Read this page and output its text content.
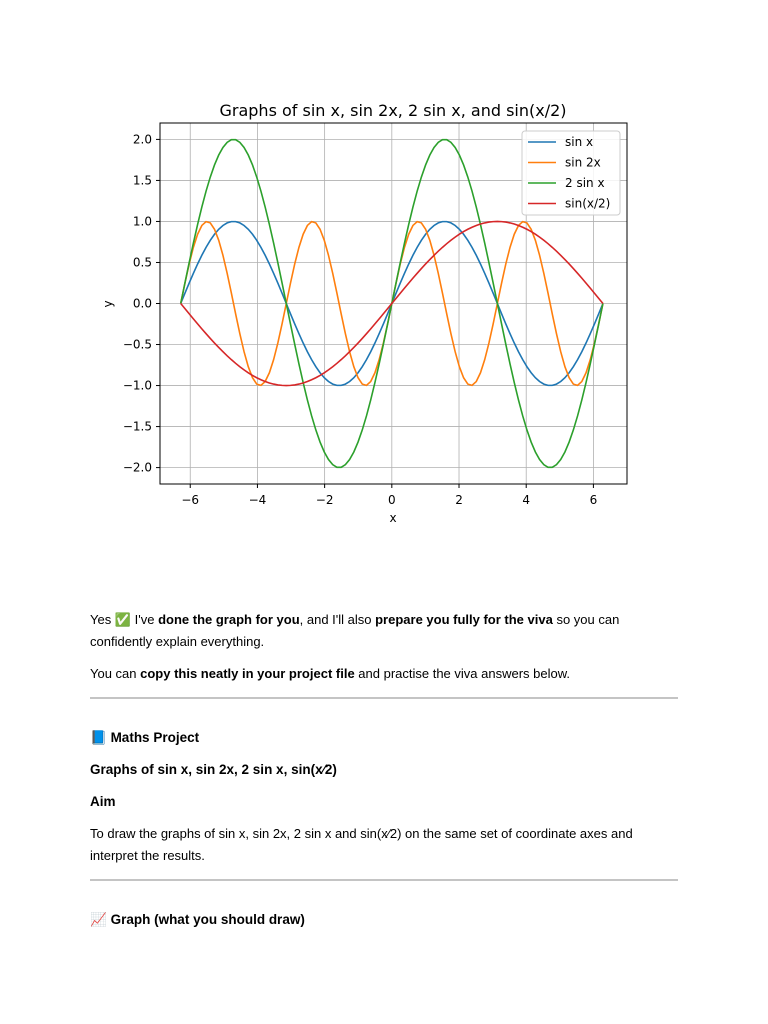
Graphs of sin x, sin 2x, 2 sin x, and sin(x/2)
−6	−4	−2	0	2	4	6
2.0
1.5
1.0
0.5
0.0
−0.5
−1.0
−1.5
−2.0
x
y
sin x
sin 2x
2 sin x
sin(x/2)

Yes ✅ I've done the graph for you, and I'll also prepare you fully for the viva so you can confidently explain everything.

You can copy this neatly in your project file and practise the viva answers below.

📘 Maths Project
Graphs of sin x, sin 2x, 2 sin x, sin(x⁄2)
Aim

To draw the graphs of sin x, sin 2x, 2 sin x and sin(x⁄2) on the same set of coordinate axes and interpret the results.

📈 Graph (what you should draw)
